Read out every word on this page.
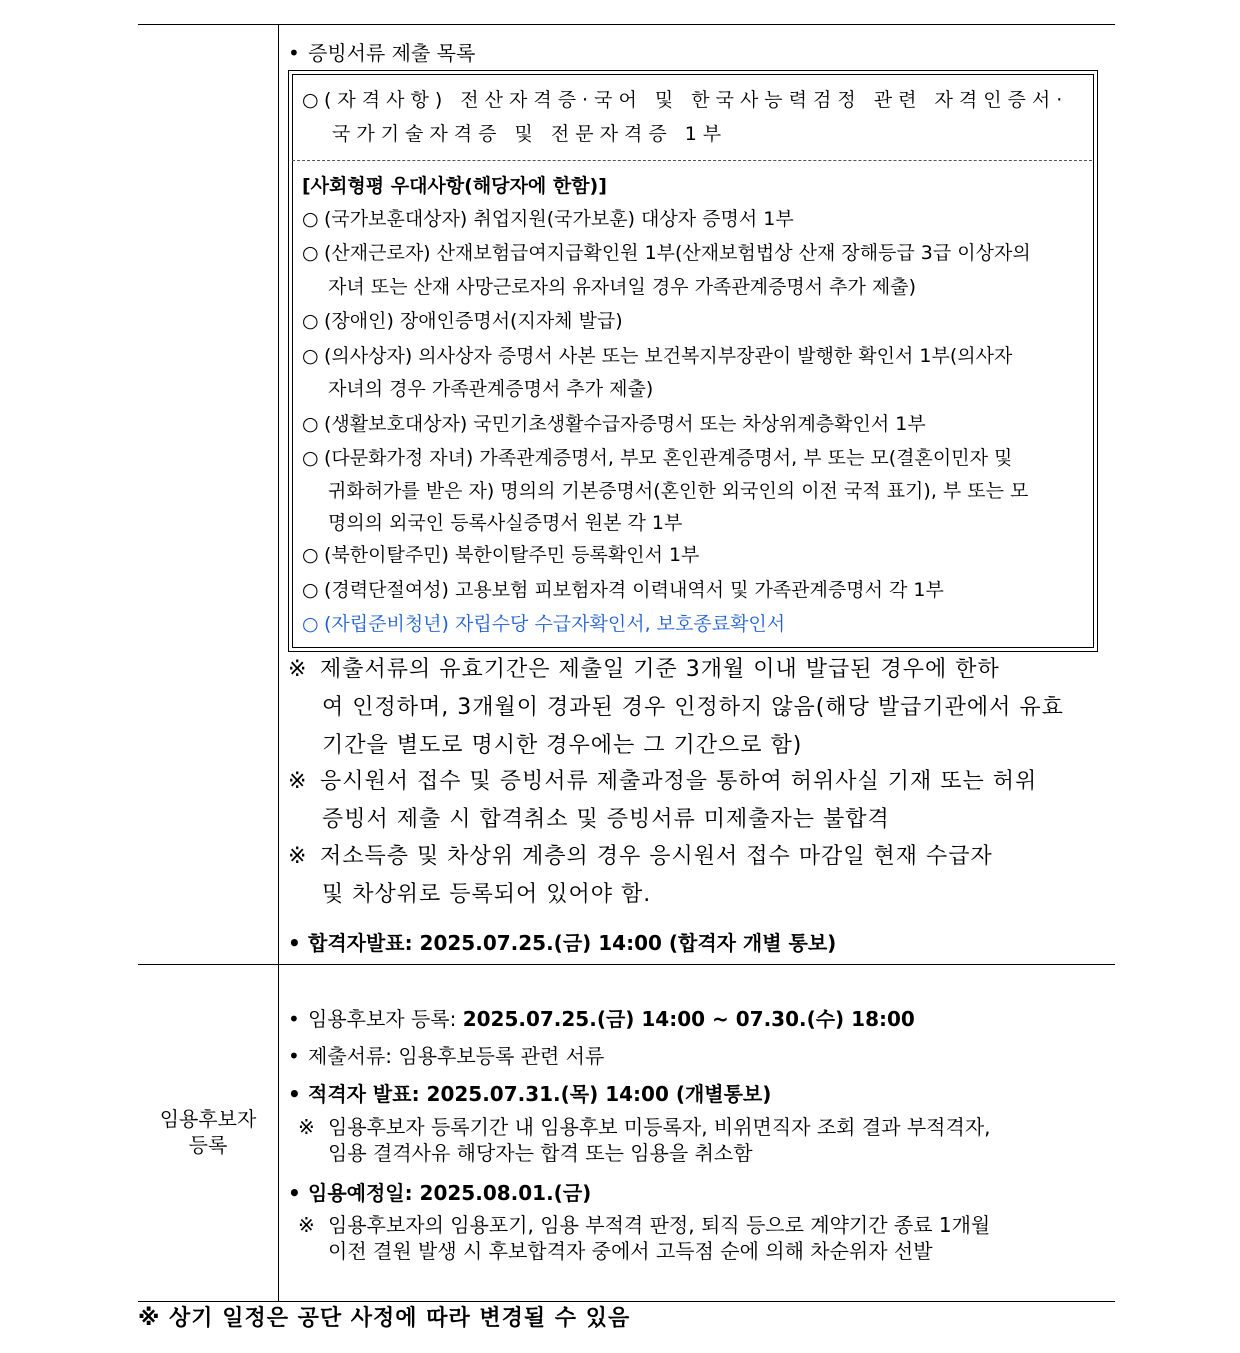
• 증빙서류 제출 목록
○(자격사항) 전산자격증·국어 및 한국사능력검정 관련 자격인증서·
국가기술자격증 및 전문자격증 1부
[사회형평 우대사항(해당자에 한함)]
○ (국가보훈대상자) 취업지원(국가보훈) 대상자 증명서 1부
○ (산재근로자) 산재보험급여지급확인원 1부(산재보험법상 산재 장해등급 3급 이상자의
자녀 또는 산재 사망근로자의 유자녀일 경우 가족관계증명서 추가 제출)
○ (장애인) 장애인증명서(지자체 발급)
○ (의사상자) 의사상자 증명서 사본 또는 보건복지부장관이 발행한 확인서 1부(의사자
자녀의 경우 가족관계증명서 추가 제출)
○ (생활보호대상자) 국민기초생활수급자증명서 또는 차상위계층확인서 1부
○ (다문화가정 자녀) 가족관계증명서, 부모 혼인관계증명서, 부 또는 모(결혼이민자 및
귀화허가를 받은 자) 명의의 기본증명서(혼인한 외국인의 이전 국적 표기), 부 또는 모
명의의 외국인 등록사실증명서 원본 각 1부
○ (북한이탈주민) 북한이탈주민 등록확인서 1부
○ (경력단절여성) 고용보험 피보험자격 이력내역서 및 가족관계증명서 각 1부
○ (자립준비청년) 자립수당 수급자확인서, 보호종료확인서
※ 제출서류의 유효기간은 제출일 기준 3개월 이내 발급된 경우에 한하
여 인정하며, 3개월이 경과된 경우 인정하지 않음(해당 발급기관에서 유효
기간을 별도로 명시한 경우에는 그 기간으로 함)
※ 응시원서 접수 및 증빙서류 제출과정을 통하여 허위사실 기재 또는 허위
증빙서 제출 시 합격취소 및 증빙서류 미제출자는 불합격
※ 저소득층 및 차상위 계층의 경우 응시원서 접수 마감일 현재 수급자
및 차상위로 등록되어 있어야 함.
• 합격자발표: 2025.07.25.(금) 14:00 (합격자 개별 통보)
임용후보자
등록
• 임용후보자 등록: 2025.07.25.(금) 14:00 ~ 07.30.(수) 18:00
• 제출서류: 임용후보등록 관련 서류
• 적격자 발표: 2025.07.31.(목) 14:00 (개별통보)
※ 임용후보자 등록기간 내 임용후보 미등록자, 비위면직자 조회 결과 부적격자,
임용 결격사유 해당자는 합격 또는 임용을 취소함
• 임용예정일: 2025.08.01.(금)
※ 임용후보자의 임용포기, 임용 부적격 판정, 퇴직 등으로 계약기간 종료 1개월
이전 결원 발생 시 후보합격자 중에서 고득점 순에 의해 차순위자 선발
※ 상기 일정은 공단 사정에 따라 변경될 수 있음
